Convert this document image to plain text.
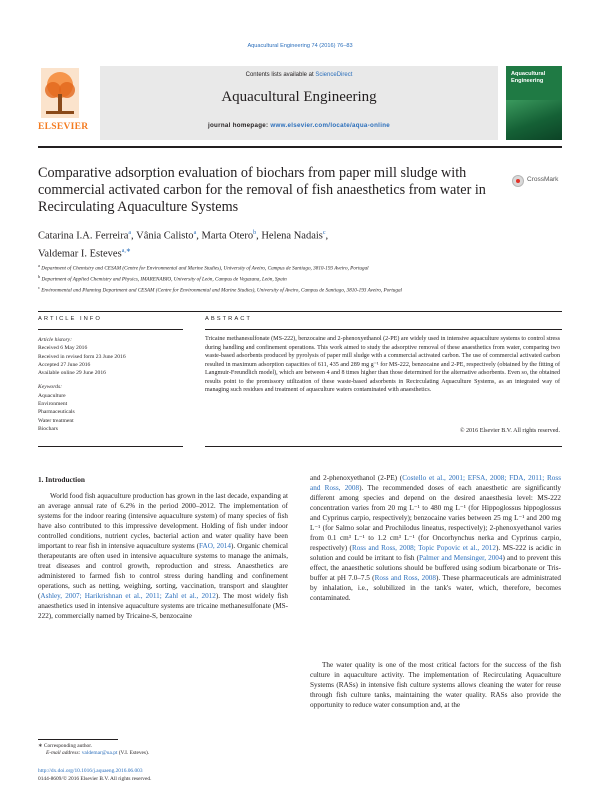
Aquacultural Engineering 74 (2016) 76–83
ELSEVIER
Contents lists available at ScienceDirect
Aquacultural Engineering
journal homepage: www.elsevier.com/locate/aqua-online
Aquacultural Engineering
Comparative adsorption evaluation of biochars from paper mill sludge with commercial activated carbon for the removal of fish anaesthetics from water in Recirculating Aquaculture Systems
CrossMark
Catarina I.A. Ferreira$^a$, Vânia Calisto$^a$, Marta Otero$^b$, Helena Nadais$^c$,
Valdemar I. Esteves$^{a,∗}$
$^a$ Department of Chemistry and CESAM (Centre for Environmental and Marine Studies), University of Aveiro, Campus de Santiago, 3810-193 Aveiro, Portugal
$^b$ Department of Applied Chemistry and Physics, IMARENABIO, University of León, Campus de Vegazana, León, Spain
$^c$ Environmental and Planning Department and CESAM (Centre for Environmental and Marine Studies), University of Aveiro, Campus de Santiago, 3810-193 Aveiro, Portugal
ARTICLE INFO	ABSTRACT
Article history:
Received 6 May 2016
Received in revised form 23 June 2016
Accepted 27 June 2016
Available online 29 June 2016
Keywords:
Aquaculture
Environment
Pharmaceuticals
Water treatment
Biochars
Tricaine methanesulfonate (MS-222), benzocaine and 2-phenoxyethanol (2-PE) are widely used in intensive aquaculture systems to control stress during handling and confinement operations. This work aimed to study the adsorptive removal of these anaesthetics from water, comparing two waste-based adsorbents produced by pyrolysis of paper mill sludge with a commercial activated carbon. The use of commercial activated carbon resulted in maximum adsorption capacities of 611, 435 and 289 mg g⁻¹ for MS-222, benzocaine and 2-PE, respectively (obtained by the fitting of Langmuir-Freundlich model), which are between 4 and 8 times higher than those determined for the alternative adsorbents. Even so, the obtained results point to the promissory utilization of these waste-based adsorbents in Recirculating Aquaculture Systems, as an integrated way of managing such residues and treatment of aquaculture waters contaminated with anaesthetics.
© 2016 Elsevier B.V. All rights reserved.
1. Introduction
World food fish aquaculture production has grown in the last decade, expanding at an average annual rate of 6.2% in the period 2000–2012. The implementation of systems for the indoor rearing (intensive aquaculture system) of many species of fish have also contributed to this impressive development. Holding of fish under indoor controlled conditions, nutrient cycles, bacterial action and water quality have been important to rear fish in intensive aquaculture systems (FAO, 2014). Organic chemical therapeutants are often used in intensive aquaculture systems to manage the animals, treat diseases and control growth, reproduction and stress. Anaesthetics are administered to farmed fish to control stress during handling and confinement operations, such as netting, weighing, sorting, vaccination, transport and slaughter (Ashley, 2007; Harikrishnan et al., 2011; Zahl et al., 2012). The most widely fish anaesthetics used in intensive aquaculture systems are tricaine methanesulfonate (MS-222), commercially named by Tricaine-S, benzocaine
and 2-phenoxyethanol (2-PE) (Costello et al., 2001; EFSA, 2008; FDA, 2011; Ross and Ross, 2008). The recommended doses of each anaesthetic are significantly different among species and depend on the desired anaesthesia level: MS-222 concentration varies from 20 mg L⁻¹ to 480 mg L⁻¹ (for Hippoglossus hippoglossus and Cyprinus carpio, respectively); benzocaine varies between 25 mg L⁻¹ and 200 mg L⁻¹ (for Salmo solar and Prochilodus lineatus, respectively); 2-phenoxyethanol varies from 0.1 cm³ L⁻¹ to 1.2 cm³ L⁻¹ (for Oncorhynchus nerka and Cyprinus carpio, respectively) (Ross and Ross, 2008; Topic Popovic et al., 2012). MS-222 is acidic in solution and could be irritant to fish (Palmer and Mensinger, 2004) and to prevent this effect, the anaesthetic solutions should be buffered using sodium bicarbonate or Tris-buffer at pH 7.0–7.5 (Ross and Ross, 2008). These pharmaceuticals are administrated by inhalation, i.e., solubilized in the tank's water, which, therefore, becomes contaminated.
The water quality is one of the most critical factors for the success of the fish culture in aquaculture activity. The implementation of Recirculating Aquaculture Systems (RASs) in intensive fish culture systems allows cleaning the water for reuse through fish culture tanks, maintaining the water quality. RASs also provide the opportunity to reduce water consumption and, at the
∗ Corresponding author.
E-mail address: valdemar@ua.pt (V.I. Esteves).
http://dx.doi.org/10.1016/j.aquaeng.2016.06.003
0144-8609/© 2016 Elsevier B.V. All rights reserved.
